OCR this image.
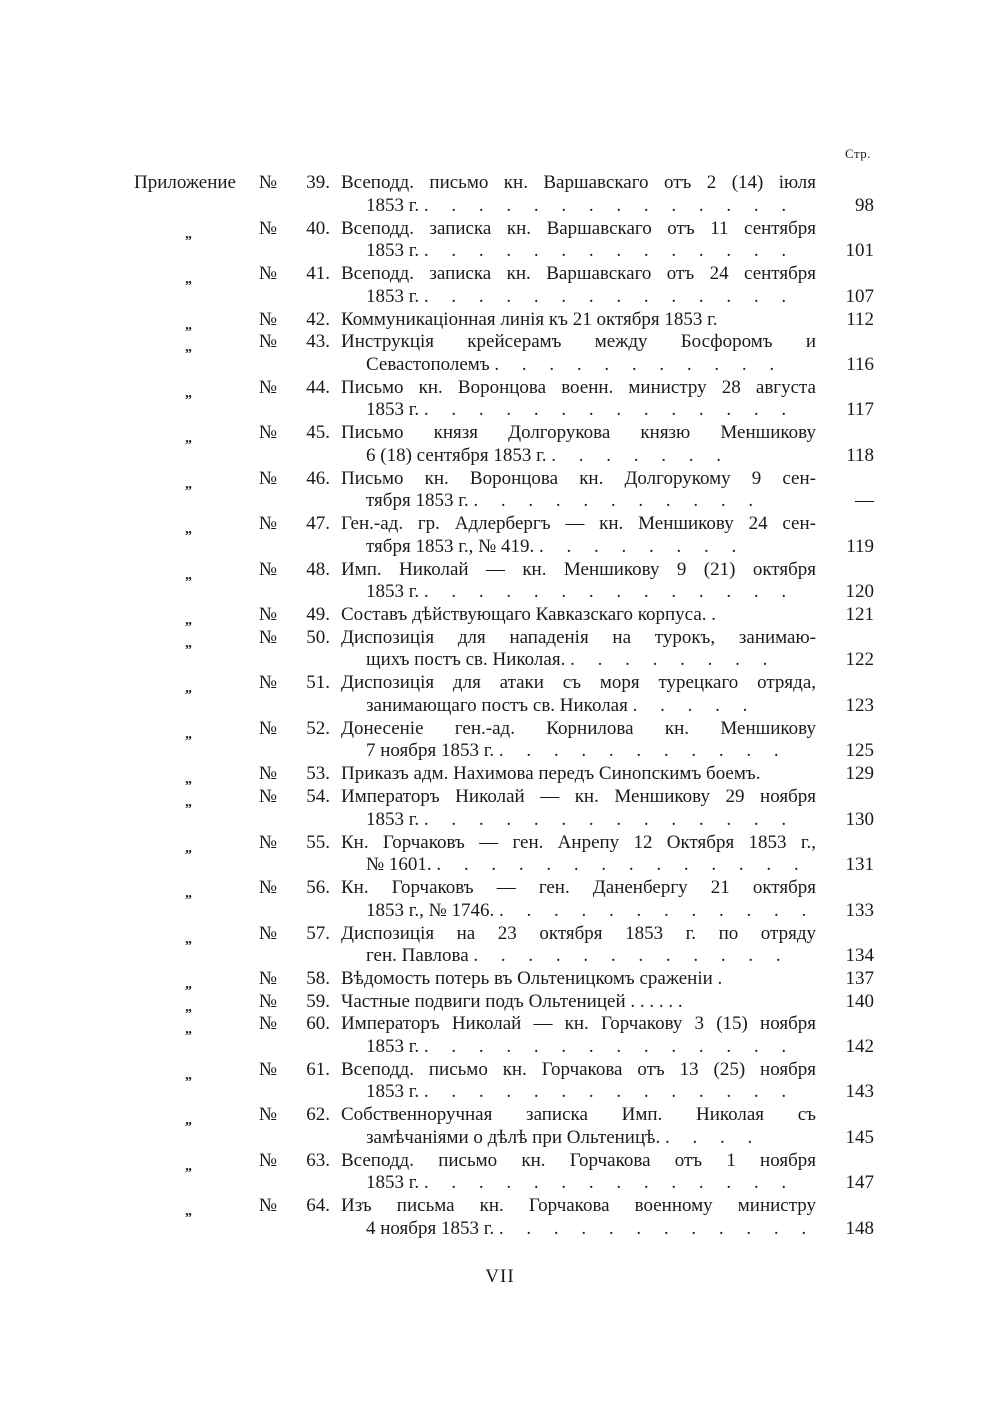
Стр.
Приложение №	39. Всеподд. письмо кн. Варшавскаго отъ 2 (14) іюля
1853 г. . . . . . . . . . . . . . .	98
„	№	40. Всеподд. записка кн. Варшавскаго отъ 11 сентября
1853 г. . . . . . . . . . . . . . .	101
„	№	41. Всеподд. записка кн. Варшавскаго отъ 24 сентября
1853 г. . . . . . . . . . . . . . .	107
„	№	42. Коммуникаціонная линія къ 21 октября 1853 г.	112
„	№	43. Инструкція крейсерамъ между Босфоромъ и
Севастополемъ . . . . . . . . . . .	116
„	№	44. Письмо кн. Воронцова военн. министру 28 августа
1853 г. . . . . . . . . . . . . . .	117
„	№	45. Письмо князя Долгорукова князю Меншикову
6 (18) сентября 1853 г. . . . . . . .	118
„	№	46. Письмо кн. Воронцова кн. Долгорукому 9 сен-
тября 1853 г. . . . . . . . . . . .	—
„	№	47. Ген.-ад. гр. Адлербергъ — кн. Меншикову 24 сен-
тября 1853 г., № 419. . . . . . . . .	119
„	№	48. Имп. Николай — кн. Меншикову 9 (21) октября
1853 г. . . . . . . . . . . . . . .	120
„	№	49. Составъ дѣйствующаго Кавказскаго корпуса. .	121
„	№	50. Диспозиція для нападенія на турокъ, занимаю-
щихъ постъ св. Николая. . . . . . . . .	122
„	№	51. Диспозиція для атаки съ моря турецкаго отряда,
занимающаго постъ св. Николая . . . . .	123
„	№	52. Донесеніе ген.-ад. Корнилова кн. Меншикову
7 ноября 1853 г. . . . . . . . . . . .	125
„	№	53. Приказъ адм. Нахимова передъ Синопскимъ боемъ.	129
„	№	54. Императоръ Николай — кн. Меншикову 29 ноября
1853 г. . . . . . . . . . . . . . .	130
„	№	55. Кн. Горчаковъ — ген. Анрепу 12 Октября 1853 г.,
№ 1601. . . . . . . . . . . . . . .	131
„	№	56. Кн. Горчаковъ — ген. Даненбергу 21 октября
1853 г., № 1746. . . . . . . . . . . . .	133
„	№	57. Диспозиція на 23 октября 1853 г. по отряду
ген. Павлова . . . . . . . . . . . .	134
„	№	58. Вѣдомость потерь въ Ольтеницкомъ сраженіи .	137
„	№	59. Частные подвиги подъ Ольтеницей . . . . . .	140
„	№	60. Императоръ Николай — кн. Горчакову 3 (15) ноября
1853 г. . . . . . . . . . . . . . .	142
„	№	61. Всеподд. письмо кн. Горчакова отъ 13 (25) ноября
1853 г. . . . . . . . . . . . . . .	143
„	№	62. Собственноручная записка Имп. Николая съ
замѣчаніями о дѣлѣ при Ольтеницѣ. . . . .	145
„	№	63. Всеподд. письмо кн. Горчакова отъ 1 ноября
1853 г. . . . . . . . . . . . . . .	147
„	№	64. Изъ письма кн. Горчакова военному министру
4 ноября 1853 г. . . . . . . . . . . . .	148
VII
